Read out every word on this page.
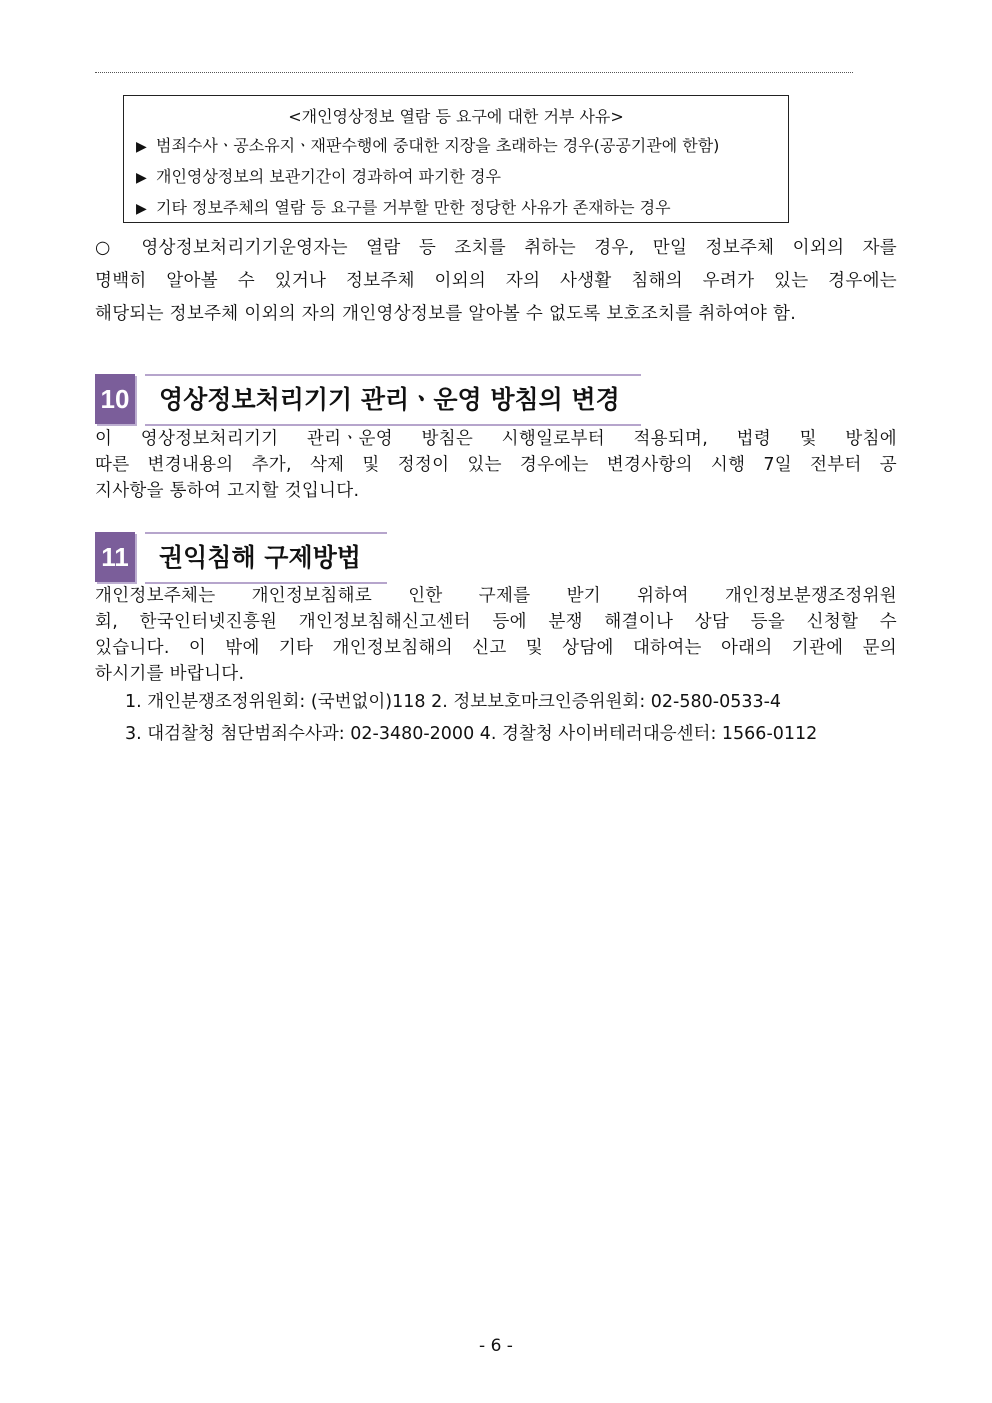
<개인영상정보 열람 등 요구에 대한 거부 사유>
▶ 범죄수사ㆍ공소유지ㆍ재판수행에 중대한 지장을 초래하는 경우(공공기관에 한함)
▶ 개인영상정보의 보관기간이 경과하여 파기한 경우
▶ 기타 정보주체의 열람 등 요구를 거부할 만한 정당한 사유가 존재하는 경우
○ 영상정보처리기기운영자는 열람 등 조치를 취하는 경우, 만일 정보주체 이외의 자를
명백히 알아볼 수 있거나 정보주체 이외의 자의 사생활 침해의 우려가 있는 경우에는
해당되는 정보주체 이외의 자의 개인영상정보를 알아볼 수 없도록 보호조치를 취하여야 함.
10	영상정보처리기기 관리ㆍ운영 방침의 변경
이 영상정보처리기기 관리ㆍ운영 방침은 시행일로부터 적용되며, 법령 및 방침에
따른 변경내용의 추가, 삭제 및 정정이 있는 경우에는 변경사항의 시행 7일 전부터 공
지사항을 통하여 고지할 것입니다.
11	권익침해 구제방법
개인정보주체는 개인정보침해로 인한 구제를 받기 위하여 개인정보분쟁조정위원
회, 한국인터넷진흥원 개인정보침해신고센터 등에 분쟁 해결이나 상담 등을 신청할 수
있습니다. 이 밖에 기타 개인정보침해의 신고 및 상담에 대하여는 아래의 기관에 문의
하시기를 바랍니다.
1. 개인분쟁조정위원회: (국번없이)118 2. 정보보호마크인증위원회: 02-580-0533-4
3. 대검찰청 첨단범죄수사과: 02-3480-2000 4. 경찰청 사이버테러대응센터: 1566-0112
- 6 -
